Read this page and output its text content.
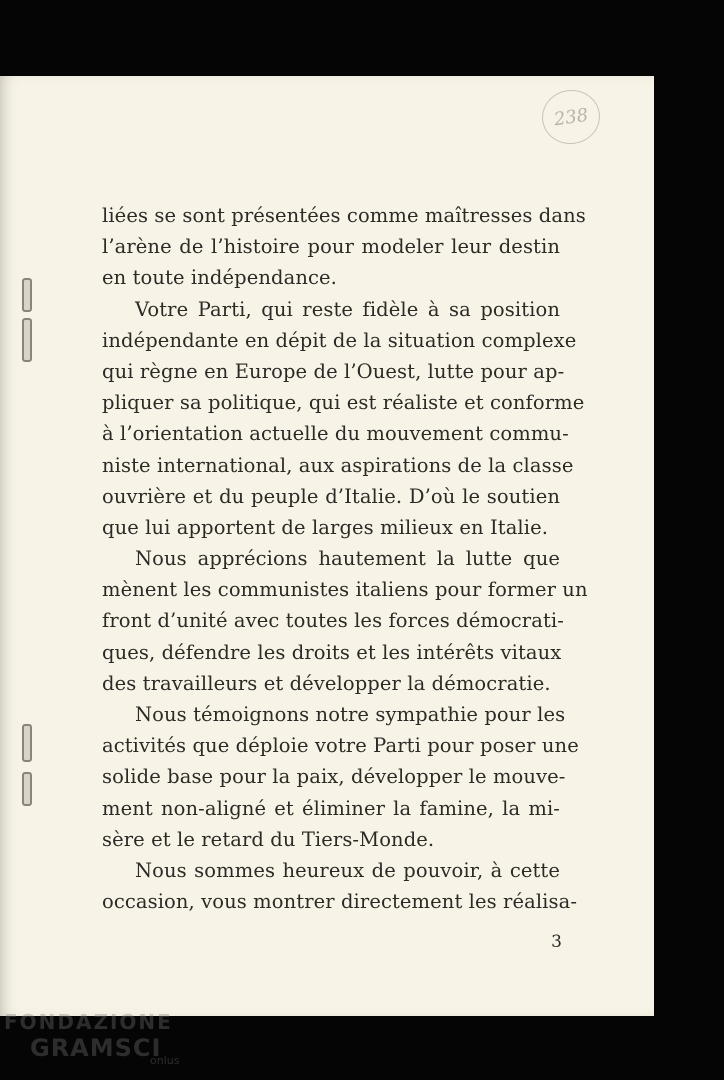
238
liées se sont présentées comme maîtresses dans
l’arène de l’histoire pour modeler leur destin
en toute indépendance.
Votre Parti, qui reste fidèle à sa position
indépendante en dépit de la situation complexe
qui règne en Europe de l’Ouest, lutte pour ap-
pliquer sa politique, qui est réaliste et conforme
à l’orientation actuelle du mouvement commu-
niste international, aux aspirations de la classe
ouvrière et du peuple d’Italie. D’où le soutien
que lui apportent de larges milieux en Italie.
Nous apprécions hautement la lutte que
mènent les communistes italiens pour former un
front d’unité avec toutes les forces démocrati-
ques, défendre les droits et les intérêts vitaux
des travailleurs et développer la démocratie.
Nous témoignons notre sympathie pour les
activités que déploie votre Parti pour poser une
solide base pour la paix, développer le mouve-
ment non-aligné et éliminer la famine, la mi-
sère et le retard du Tiers-Monde.
Nous sommes heureux de pouvoir, à cette
occasion, vous montrer directement les réalisa-
3
FONDAZIONE
GRAMSCI
onlus
